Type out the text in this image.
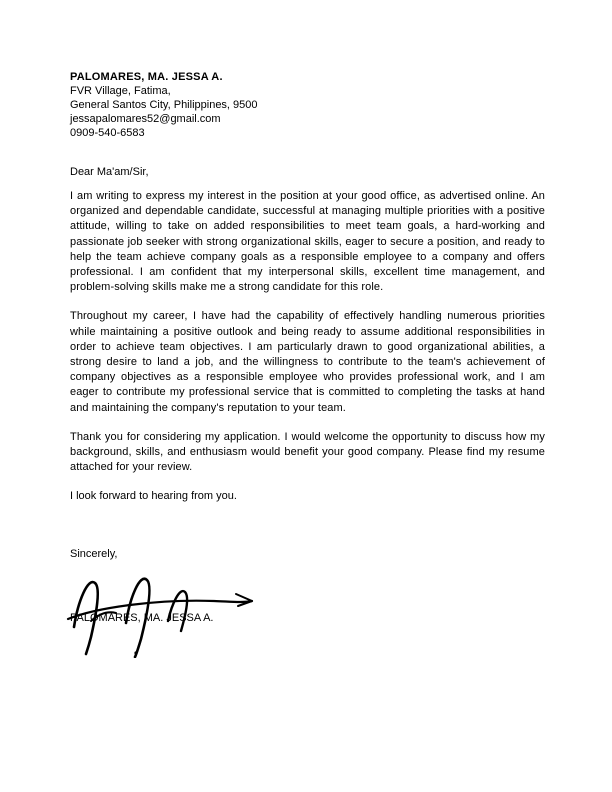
PALOMARES, MA. JESSA A.
FVR Village, Fatima,
General Santos City, Philippines, 9500
jessapalomares52@gmail.com
0909-540-6583
Dear Ma'am/Sir,
I am writing to express my interest in the position at your good office, as advertised online. An organized and dependable candidate, successful at managing multiple priorities with a positive attitude, willing to take on added responsibilities to meet team goals, a hard-working and passionate job seeker with strong organizational skills, eager to secure a position, and ready to help the team achieve company goals as a responsible employee to a company and offers professional. I am confident that my interpersonal skills, excellent time management, and problem-solving skills make me a strong candidate for this role.
Throughout my career, I have had the capability of effectively handling numerous priorities while maintaining a positive outlook and being ready to assume additional responsibilities in order to achieve team objectives. I am particularly drawn to good organizational abilities, a strong desire to land a job, and the willingness to contribute to the team's achievement of company objectives as a responsible employee who provides professional work, and I am eager to contribute my professional service that is committed to completing the tasks at hand and maintaining the company's reputation to your team.
Thank you for considering my application. I would welcome the opportunity to discuss how my background, skills, and enthusiasm would benefit your good company. Please find my resume attached for your review.
I look forward to hearing from you.
Sincerely,
PALOMARES, MA. JESSA A.
